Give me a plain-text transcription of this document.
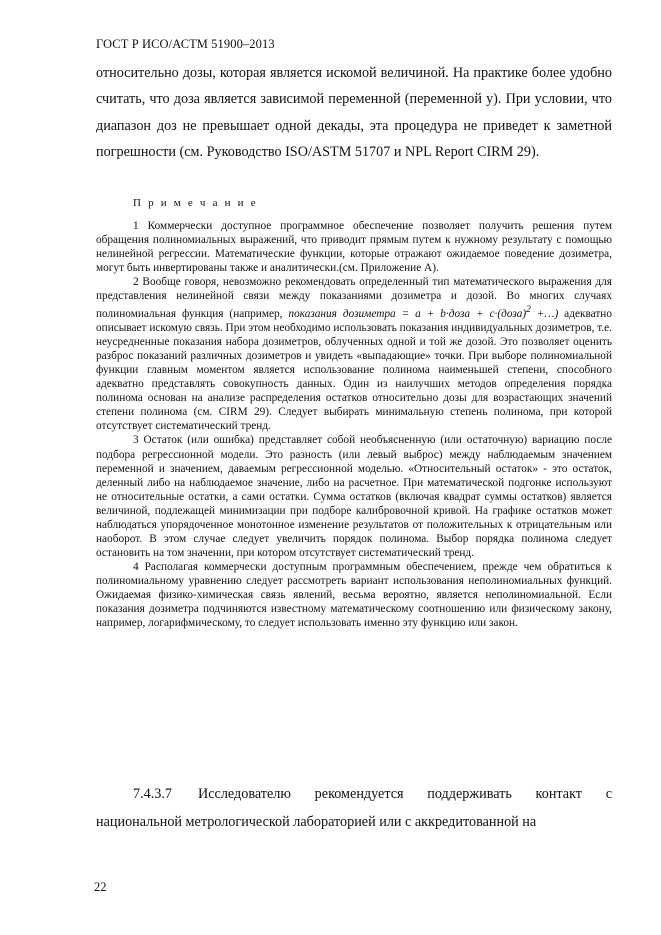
ГОСТ Р ИСО/АСТМ 51900–2013

относительно дозы, которая является искомой величиной. На практике более удобно считать, что доза является зависимой переменной (переменной y). При условии, что диапазон доз не превышает одной декады, эта процедура не приведет к заметной погрешности (см. Руководство ISO/ASTM 51707 и NPL Report CIRM 29).

П р и м е ч а н и е

1 Коммерчески доступное программное обеспечение позволяет получить решения путем обращения полиномиальных выражений, что приводит прямым путем к нужному результату с помощью нелинейной регрессии. Математические функции, которые отражают ожидаемое поведение дозиметра, могут быть инвертированы также и аналитически.(см. Приложение А).

2 Вообще говоря, невозможно рекомендовать определенный тип математического выражения для представления нелинейной связи между показаниями дозиметра и дозой. Во многих случаях полиномиальная функция (например, показания дозиметра = a + b·доза + c·(доза)$^2$ +…) адекватно описывает искомую связь. При этом необходимо использовать показания индивидуальных дозиметров, т.е. неусредненные показания набора дозиметров, облученных одной и той же дозой. Это позволяет оценить разброс показаний различных дозиметров и увидеть «выпадающие» точки. При выборе полиномиальной функции главным моментом является использование полинома наименьшей степени, способного адекватно представлять совокупность данных. Один из наилучших методов определения порядка полинома основан на анализе распределения остатков относительно дозы для возрастающих значений степени полинома (см. CIRM 29). Следует выбирать минимальную степень полинома, при которой отсутствует систематический тренд.

3 Остаток (или ошибка) представляет собой необъясненную (или остаточную) вариацию после подбора регрессионной модели. Это разность (или левый выброс) между наблюдаемым значением переменной и значением, даваемым регрессионной моделью. «Относительный остаток» - это остаток, деленный либо на наблюдаемое значение, либо на расчетное. При математической подгонке используют не относительные остатки, а сами остатки. Сумма остатков (включая квадрат суммы остатков) является величиной, подлежащей минимизации при подборе калибровочной кривой. На графике остатков может наблюдаться упорядоченное монотонное изменение результатов от положительных к отрицательным или наоборот. В этом случае следует увеличить порядок полинома. Выбор порядка полинома следует остановить на том значении, при котором отсутствует систематический тренд.

4 Располагая коммерчески доступным программным обеспечением, прежде чем обратиться к полиномиальному уравнению следует рассмотреть вариант использования неполиномиальных функций. Ожидаемая физико-химическая связь явлений, весьма вероятно, является неполиномиальной. Если показания дозиметра подчиняются известному математическому соотношению или физическому закону, например, логарифмическому, то следует использовать именно эту функцию или закон.

7.4.3.7 Исследователю рекомендуется поддерживать контакт с национальной метрологической лабораторией или с аккредитованной на

22
